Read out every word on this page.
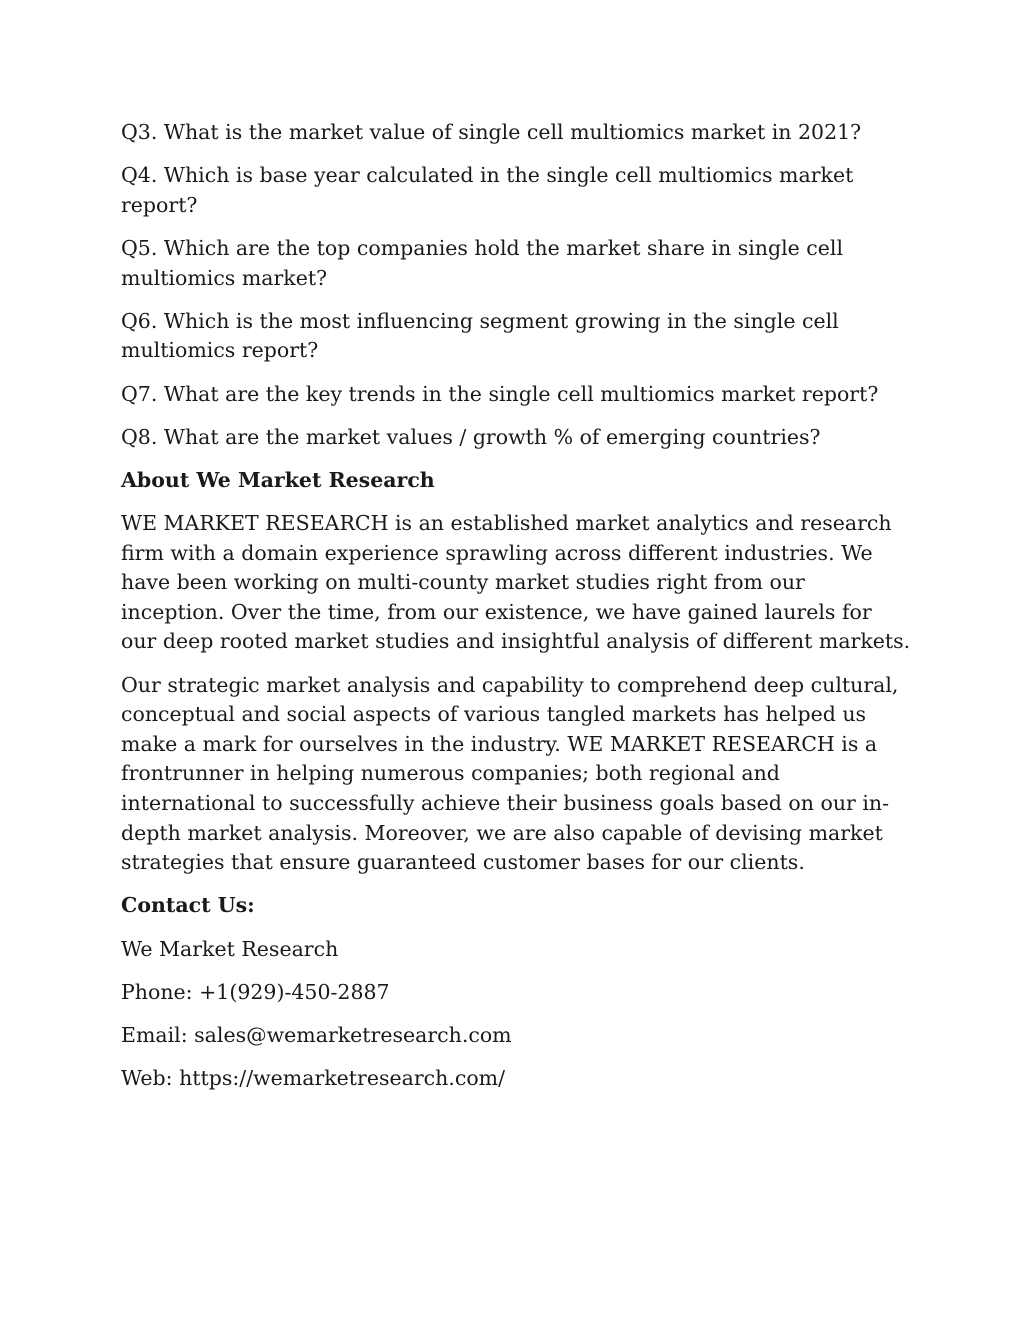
Q3. What is the market value of single cell multiomics market in 2021?

Q4. Which is base year calculated in the single cell multiomics market report?

Q5. Which are the top companies hold the market share in single cell multiomics market?

Q6. Which is the most influencing segment growing in the single cell multiomics report?

Q7. What are the key trends in the single cell multiomics market report?

Q8. What are the market values / growth % of emerging countries?

About We Market Research

WE MARKET RESEARCH is an established market analytics and research firm with a domain experience sprawling across different industries. We have been working on multi-county market studies right from our inception. Over the time, from our existence, we have gained laurels for our deep rooted market studies and insightful analysis of different markets.

Our strategic market analysis and capability to comprehend deep cultural, conceptual and social aspects of various tangled markets has helped us make a mark for ourselves in the industry. WE MARKET RESEARCH is a frontrunner in helping numerous companies; both regional and international to successfully achieve their business goals based on our in-depth market analysis. Moreover, we are also capable of devising market strategies that ensure guaranteed customer bases for our clients.

Contact Us:

We Market Research

Phone: +1(929)-450-2887

Email: sales@wemarketresearch.com

Web: https://wemarketresearch.com/
